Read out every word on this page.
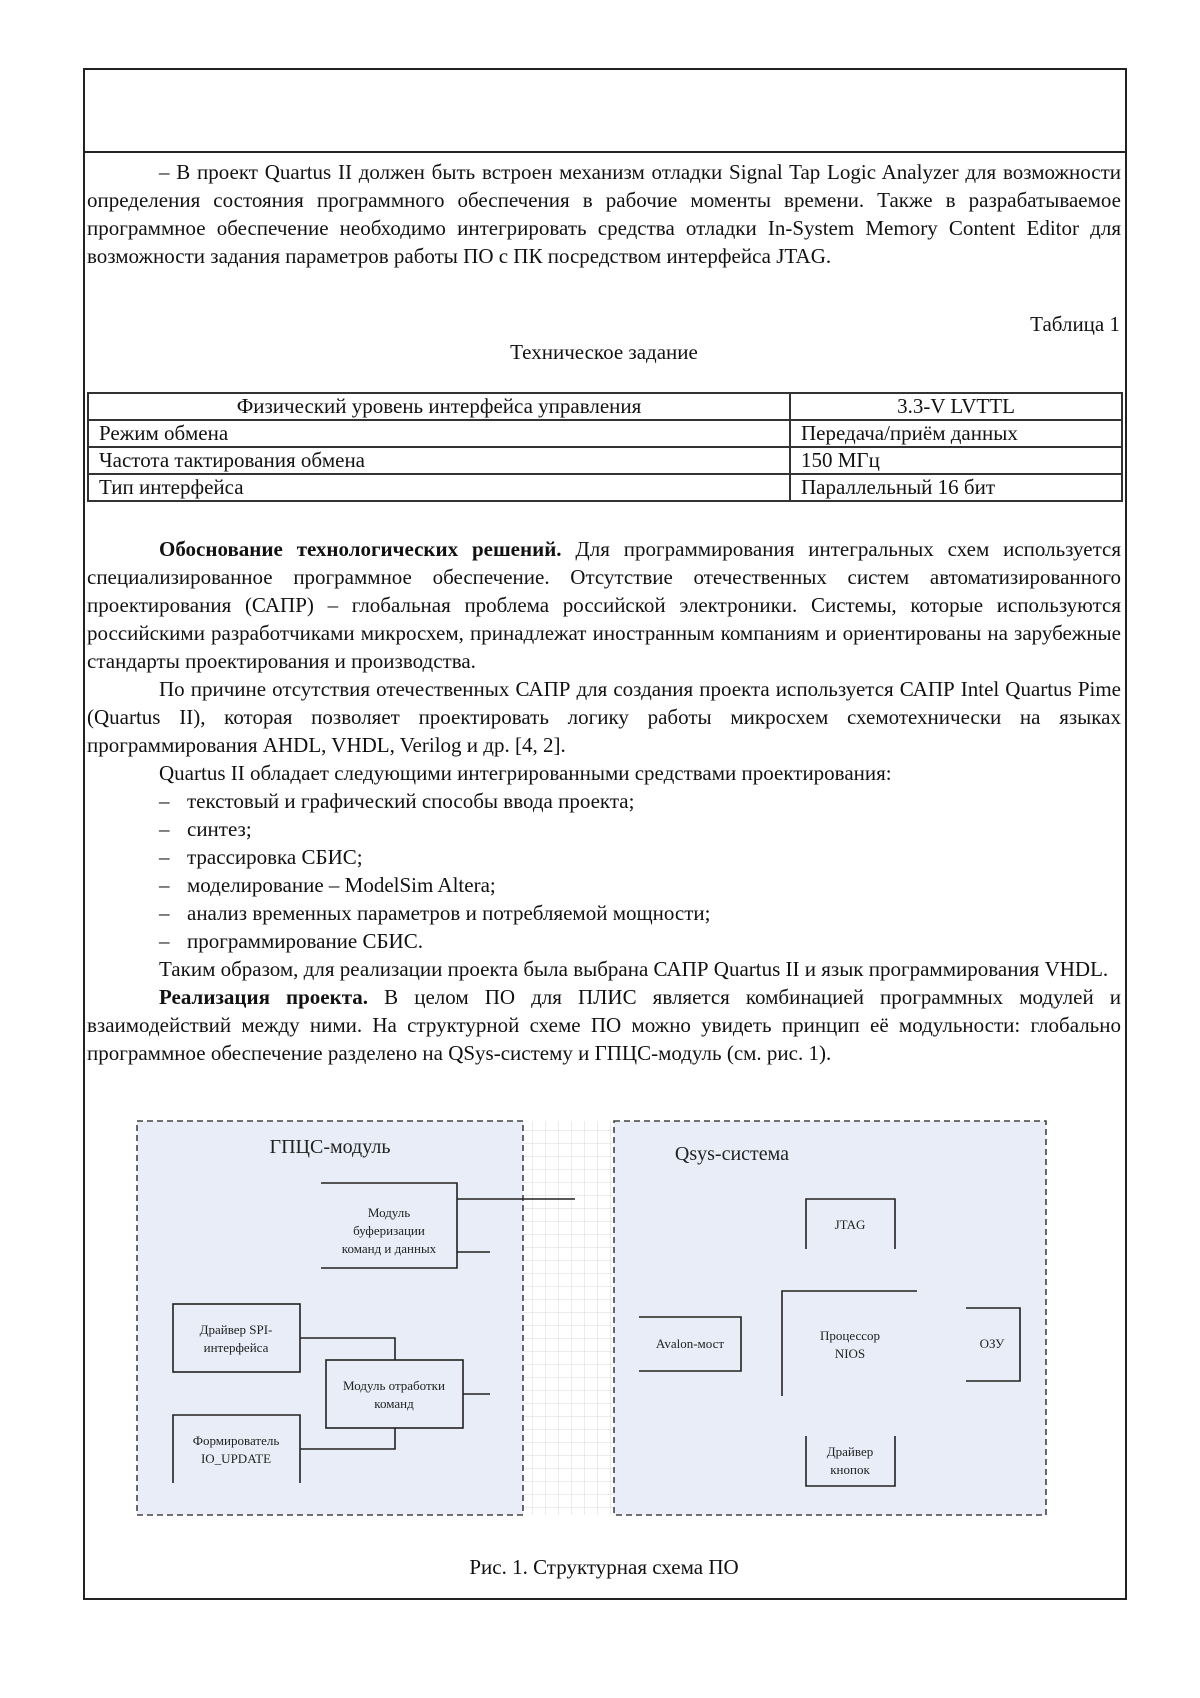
– В проект Quartus II должен быть встроен механизм отладки Signal Tap Logic Analyzer для возможности определения состояния программного обеспечения в рабочие моменты времени. Также в разрабатываемое программное обеспечение необходимо интегрировать средства отладки In-System Memory Content Editor для возможности задания параметров работы ПО с ПК посредством интерфейса JTAG.

Таблица 1
Техническое задание
Физический уровень интерфейса управления	3.3-V LVTTL
Режим обмена	Передача/приём данных
Частота тактирования обмена	150 МГц
Тип интерфейса	Параллельный 16 бит

Обоснование технологических решений. Для программирования интегральных схем используется специализированное программное обеспечение. Отсутствие отечественных систем автоматизированного проектирования (САПР) – глобальная проблема российской электроники. Системы, которые используются российскими разработчиками микросхем, принадлежат иностранным компаниям и ориентированы на зарубежные стандарты проектирования и производства.

По причине отсутствия отечественных САПР для создания проекта используется САПР Intel Quartus Pime (Quartus II), которая позволяет проектировать логику работы микросхем схемотехнически на языках программирования AHDL, VHDL, Verilog и др. [4, 2].

Quartus II обладает следующими интегрированными средствами проектирования:

– текстовый и графический способы ввода проекта;

– синтез;

– трассировка СБИС;

– моделирование – ModelSim Altera;

– анализ временных параметров и потребляемой мощности;

– программирование СБИС.

Таким образом, для реализации проекта была выбрана САПР Quartus II и язык программирования VHDL.

Реализация проекта. В целом ПО для ПЛИС является комбинацией программных модулей и взаимодействий между ними. На структурной схеме ПО можно увидеть принцип её модульности: глобально программное обеспечение разделено на QSys-систему и ГПЦС-модуль (см. рис. 1).

ГПЦС-модуль
Модуль
буферизации
команд и данных
Драйвер SPI-
интерфейса
Модуль отработки
команд
Формирователь
IO_UPDATE
Qsys-система
JTAG
Процессор
NIOS
Avalon-мост	ОЗУ
Драйвер
кнопок
Рис. 1. Структурная схема ПО
